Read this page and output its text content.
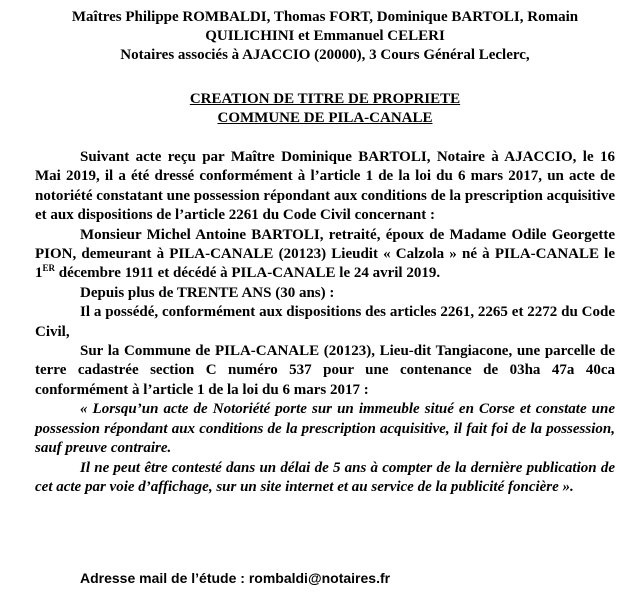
Maîtres Philippe ROMBALDI, Thomas FORT, Dominique BARTOLI, Romain
QUILICHINI et Emmanuel CELERI
Notaires associés à AJACCIO (20000), 3 Cours Général Leclerc,
CREATION DE TITRE DE PROPRIETE
COMMUNE DE PILA-CANALE

Suivant acte reçu par Maître Dominique BARTOLI, Notaire à AJACCIO, le 16 Mai 2019, il a été dressé conformément à l’article 1 de la loi du 6 mars 2017, un acte de notoriété constatant une possession répondant aux conditions de la prescription acquisitive et aux dispositions de l’article 2261 du Code Civil concernant :

Monsieur Michel Antoine BARTOLI, retraité, époux de Madame Odile Georgette PION, demeurant à PILA-CANALE (20123) Lieudit « Calzola » né à PILA-CANALE le 1ER décembre 1911 et décédé à PILA-CANALE le 24 avril 2019.

Depuis plus de TRENTE ANS (30 ans) :

Il a possédé, conformément aux dispositions des articles 2261, 2265 et 2272 du Code Civil,

Sur la Commune de PILA-CANALE (20123), Lieu-dit Tangiacone, une parcelle de terre cadastrée section C numéro 537 pour une contenance de 03ha 47a 40ca conformément à l’article 1 de la loi du 6 mars 2017 :

« Lorsqu’un acte de Notoriété porte sur un immeuble situé en Corse et constate une possession répondant aux conditions de la prescription acquisitive, il fait foi de la possession, sauf preuve contraire.

Il ne peut être contesté dans un délai de 5 ans à compter de la dernière publication de cet acte par voie d’affichage, sur un site internet et au service de la publicité foncière ».

Adresse mail de l’étude : rombaldi@notaires.fr
